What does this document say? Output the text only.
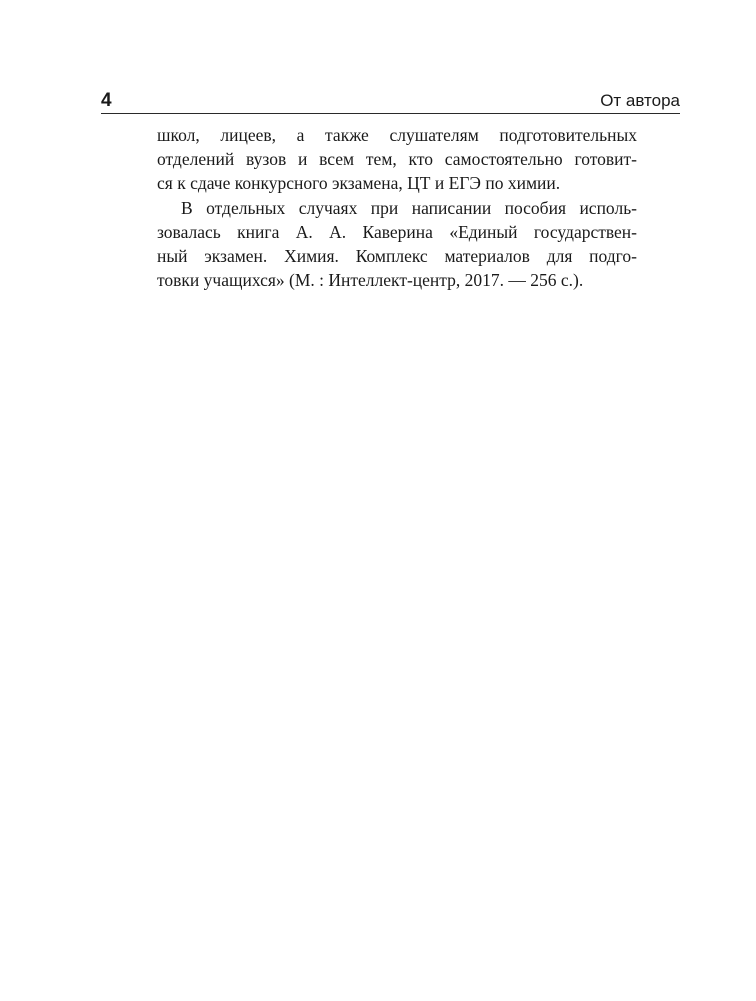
4	От автора
школ, лицеев, а также слушателям подготовительных
отделений вузов и всем тем, кто самостоятельно готовит-
ся к сдаче конкурсного экзамена, ЦТ и ЕГЭ по химии.
В отдельных случаях при написании пособия исполь-
зовалась книга А. А. Каверина «Единый государствен-
ный экзамен. Химия. Комплекс материалов для подго-
товки учащихся» (М. : Интеллект-центр, 2017. — 256 с.).
